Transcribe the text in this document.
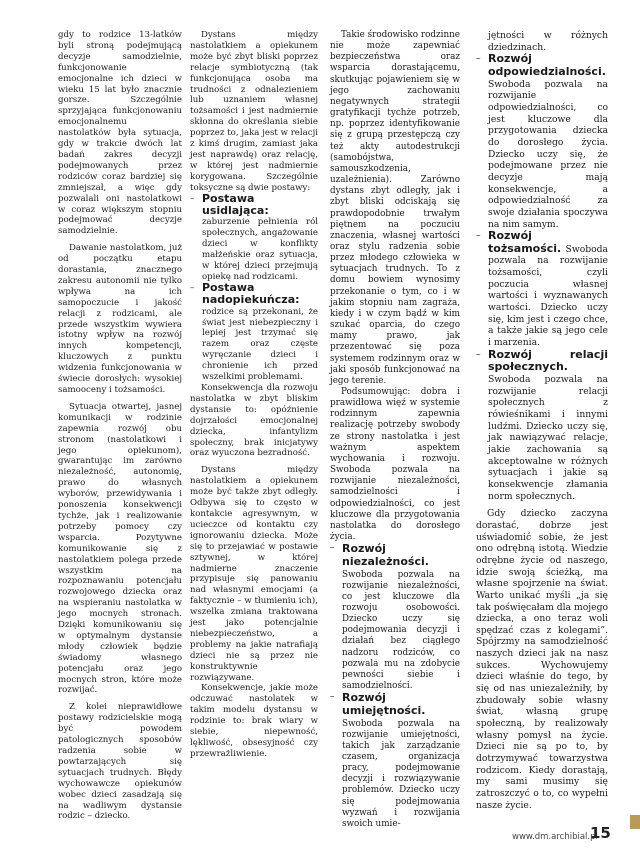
gdy to rodzice 13-latków byli stroną podejmującą decyzje samodzielnie, funkcjonowanie emocjonalne ich dzieci w wieku 15 lat było znacznie gorsze. Szczególnie sprzyjająca funkcjonowaniu emocjonalnemu nastolatków była sytuacja, gdy w trakcie dwóch lat badań zakres decyzji podejmowanych przez rodziców coraz bardziej się zmniejszał, a więc gdy pozwalali oni nastolatkowi w coraz większym stopniu podejmować decyzje samodzielnie.

Dawanie nastolatkom, już od początku etapu dorastania, znacznego zakresu autonomii nie tylko wpływa na ich samopoczucie i jakość relacji z rodzicami, ale przede wszystkim wywiera istotny wpływ na rozwój innych kompetencji, kluczowych z punktu widzenia funkcjonowania w świecie dorosłych: wysokiej samooceny i tożsamości.

Sytuacja otwartej, jasnej komunikacji w rodzinie zapewnia rozwój obu stronom (nastolatkowi i jego opiekunom), gwarantując im zarówno niezależność, autonomię, prawo do własnych wyborów, przewidywania i ponoszenia konsekwencji tychże, jak i realizowanie potrzeby pomocy czy wsparcia. Pozytywne komunikowanie się z nastolatkiem polega przede wszystkim na rozpoznawaniu potencjału rozwojowego dziecka oraz na wspieraniu nastolatka w jego mocnych stronach. Dzięki komunikowaniu się w optymalnym dystansie młody człowiek będzie świadomy własnego potencjału oraz jego mocnych stron, które może rozwijać.

Z kolei nieprawidłowe postawy rodzicielskie mogą być powodem patologicznych sposobów radzenia sobie w powtarzających się sytuacjach trudnych. Błędy wychowawcze opiekunów wobec dzieci zasadzają się na wadliwym dystansie rodzic – dziecko.

Dystans między nastolatkiem a opiekunem może być zbyt bliski poprzez relacje symbiotyczną (tak funkcjonująca osoba ma trudności z odnalezieniem lub uznaniem własnej tożsamości i jest nadmiernie skłonna do określania siebie poprzez to, jaka jest w relacji z kimś drugim, zamiast jaka jest naprawdę) oraz relację, w której jest nadmiernie korygowana. Szczególnie toksyczne są dwie postawy:

– Postawa usidlająca: zaburzenie pełnienia ról społecznych, angażowanie dzieci w konflikty małżeńskie oraz sytuacja, w której dzieci przejmują opiekę nad rodzicami.
– Postawa nadopiekuńcza: rodzice są przekonani, że świat jest niebezpieczny i lepiej jest trzymać się razem oraz częste wyręczanie dzieci i chronienie ich przed wszelkimi problemami.

Konsekwencja dla rozwoju nastolatka w zbyt bliskim dystansie to: opóźnienie dojrzałości emocjonalnej dziecka, infantylizm społeczny, brak inicjatywy oraz wyuczona bezradność.

Dystans między nastolatkiem a opiekunem może być także zbyt odległy. Odbywa się to często w kontakcie agresywnym, w ucieczce od kontaktu czy ignorowaniu dziecka. Może się to przejawiać w postawie sztywnej, w której nadmierne znaczenie przypisuje się panowaniu nad własnymi emocjami (a faktycznie – w tłumieniu ich), wszelka zmiana traktowana jest jako potencjalnie niebezpieczeństwo, a problemy na jakie natrafiają dzieci nie są przez nie konstruktywnie rozwiązywane.

Konsekwencje, jakie może odczuwać nastolatek w takim modelu dystansu w rodzinie to: brak wiary w siebie, niepewność, lękliwość, obsesyjność czy przewrażliwienie.

Takie środowisko rodzinne nie może zapewniać bezpieczeństwa oraz wsparcia dorastającemu, skutkując pojawieniem się w jego zachowaniu negatywnych strategii gratyfikacji tychże potrzeb, np. poprzez identyfikowanie się z grupą przestępczą czy też akty autodestrukcji (samobójstwa, samouszkodzenia, uzależnienia). Zarówno dystans zbyt odległy, jak i zbyt bliski odciskają się prawdopodobnie trwałym piętnem na poczuciu znaczenia, własnej wartości oraz stylu radzenia sobie przez młodego człowieka w sytuacjach trudnych. To z domu bowiem wynosimy przekonanie o tym, co i w jakim stopniu nam zagraża, kiedy i w czym bądź w kim szukać oparcia, do czego mamy prawo, jak przezentować się poza systemem rodzinnym oraz w jaki sposób funkcjonować na jego terenie.

Podsumowując: dobra i prawidłowa więź w systemie rodzinnym zapewnia realizację potrzeby swobody ze strony nastolatka i jest ważnym aspektem wychowania i rozwoju. Swoboda pozwala na rozwijanie niezależności, samodzielności i odpowiedzialności, co jest kluczowe dla przygotowania nastolatka do dorosłego życia.

– Rozwój niezależności. Swoboda pozwala na rozwijanie niezależności, co jest kluczowe dla rozwoju osobowości. Dziecko uczy się podejmowania decyzji i działań bez ciągłego nadzoru rodziców, co pozwala mu na zdobycie pewności siebie i samodzielności.
– Rozwój umiejętności. Swoboda pozwala na rozwijanie umiejętności, takich jak zarządzanie czasem, organizacja pracy, podejmowanie decyzji i rozwiązywanie problemów. Dziecko uczy się podejmowania wyzwań i rozwijania swoich umie-

jętności w różnych dziedzinach.

– Rozwój odpowiedzialności. Swoboda pozwala na rozwijanie odpowiedzialności, co jest kluczowe dla przygotowania dziecka do dorosłego życia. Dziecko uczy się, że podejmowane przez nie decyzje mają konsekwencje, a odpowiedzialność za swoje działania spoczywa na nim samym.
– Rozwój tożsamości. Swoboda pozwala na rozwijanie tożsamości, czyli poczucia własnej wartości i wyznawanych wartości. Dziecko uczy się, kim jest i czego chce, a także jakie są jego cele i marzenia.
– Rozwój relacji społecznych. Swoboda pozwala na rozwijanie relacji społecznych z rówieśnikami i innymi ludźmi. Dziecko uczy się, jak nawiązywać relacje, jakie zachowania są akceptowalne w różnych sytuacjach i jakie są konsekwencje złamania norm społecznych.

Gdy dziecko zaczyna dorastać, dobrze jest uświadomić sobie, że jest ono odrębną istotą. Wiedzie odrębne życie od naszego, idzie swoją ścieżką, ma własne spojrzenie na świat. Warto unikać myśli „ja się tak poświęcałam dla mojego dziecka, a ono teraz woli spędzać czas z kolegami”. Spójrzmy na samodzielność naszych dzieci jak na nasz sukces. Wychowujemy dzieci właśnie do tego, by się od nas uniezależniły, by zbudowały sobie własny świat, własną grupę społeczną, by realizowały własny pomysł na życie. Dzieci nie są po to, by dotrzymywać towarzystwa rodzicom. Kiedy dorastają, my sami musimy się zatroszczyć o to, co wypełni nasze życie.

www.dm.archibial.pl
15
